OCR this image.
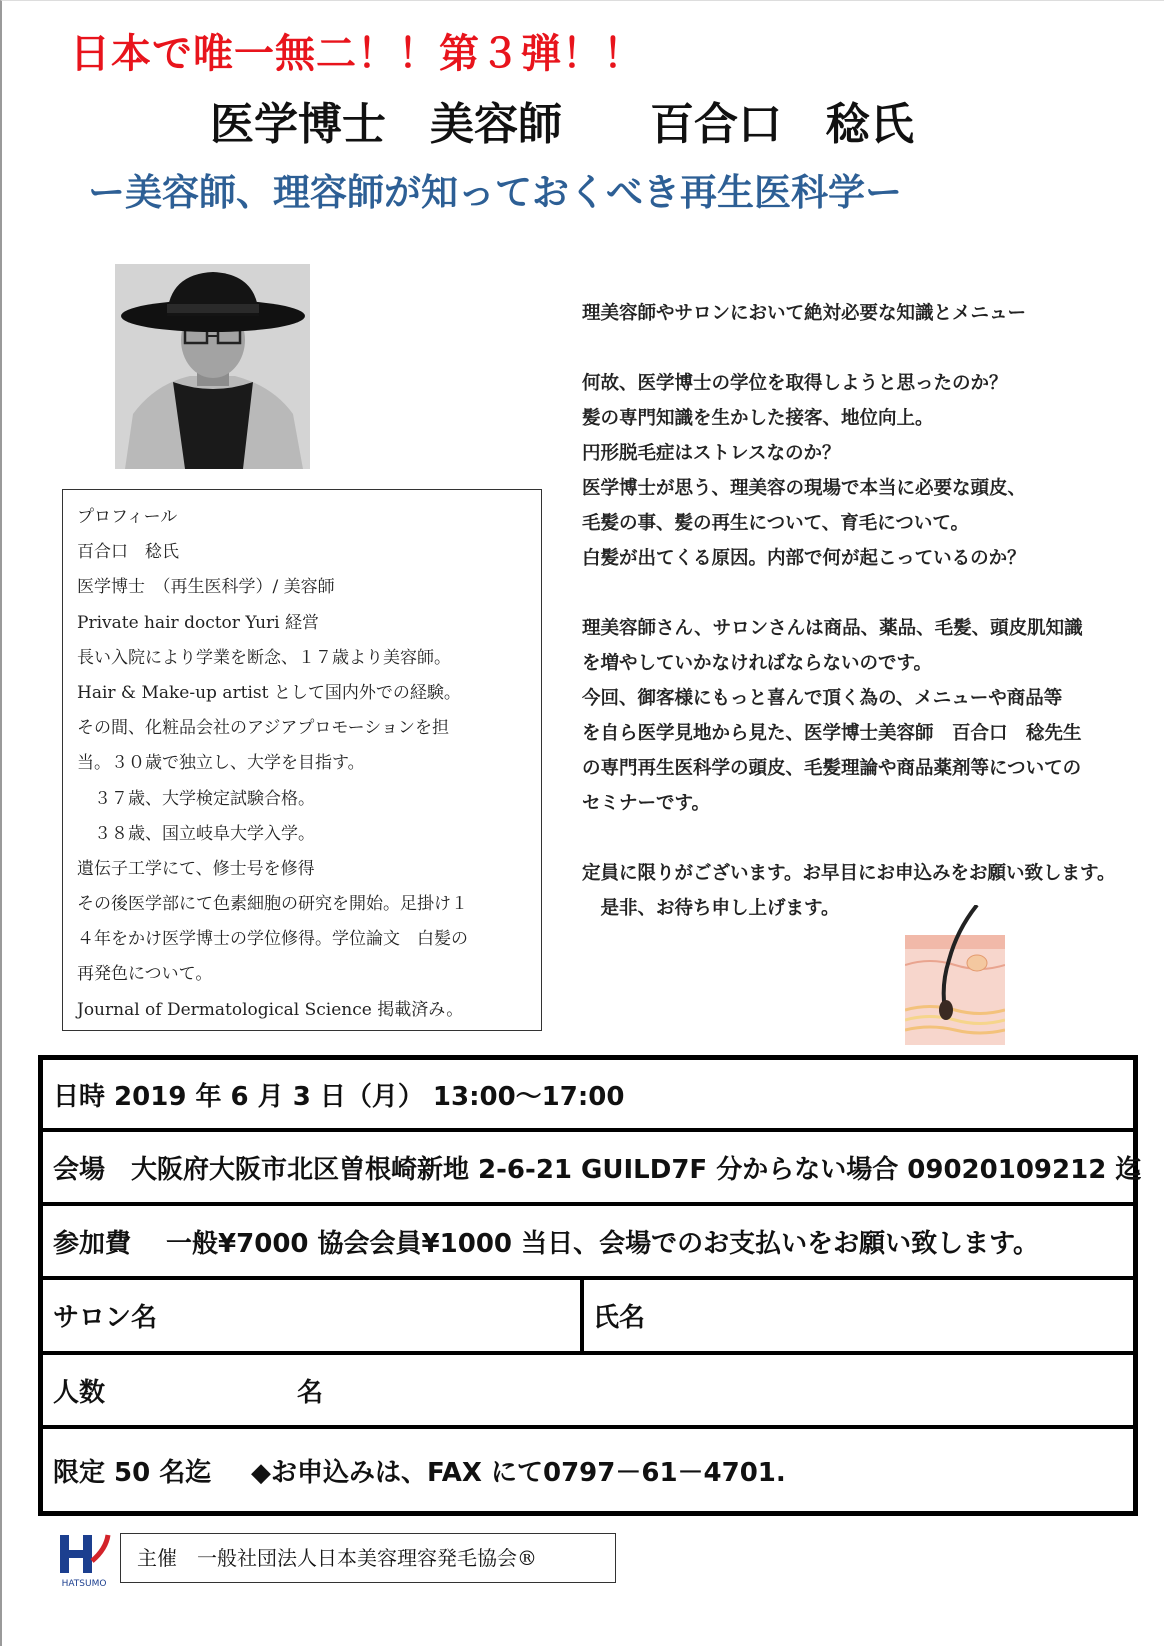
日本で唯一無二！！第３弾！！
医学博士　美容師　　百合口　稔氏
ー美容師、理容師が知っておくべき再生医科学ー
プロフィール
百合口　稔氏
医学博士　（再生医科学）/ 美容師
Private hair doctor Yuri 経営
長い入院により学業を断念、１７歳より美容師。
Hair & Make-up artist として国内外での経験。
その間、化粧品会社のアジアプロモーションを担
当。３０歳で独立し、大学を目指す。
　３７歳、大学検定試験合格。
　３８歳、国立岐阜大学入学。
遺伝子工学にて、修士号を修得
その後医学部にて色素細胞の研究を開始。足掛け１
４年をかけ医学博士の学位修得。学位論文　白髪の
再発色について。
Journal of Dermatological Science 掲載済み。

理美容師やサロンにおいて絶対必要な知識とメニュー

何故、医学博士の学位を取得しようと思ったのか？

髪の専門知識を生かした接客、地位向上。

円形脱毛症はストレスなのか？

医学博士が思う、理美容の現場で本当に必要な頭皮、

毛髪の事、髪の再生について、育毛について。

白髪が出てくる原因。内部で何が起こっているのか？

理美容師さん、サロンさんは商品、薬品、毛髪、頭皮肌知識

を増やしていかなければならないのです。

今回、御客様にもっと喜んで頂く為の、メニューや商品等

を自ら医学見地から見た、医学博士美容師　百合口　稔先生

の専門再生医科学の頭皮、毛髪理論や商品薬剤等についての

セミナーです。

定員に限りがございます。お早目にお申込みをお願い致します。

　是非、お待ち申し上げます。

日時 2019 年 6 月 3 日（月） 13:00〜17:00
会場　大阪府大阪市北区曽根崎新地 2-6-21 GUILD7F 分からない場合 09020109212 迄
参加費　 一般¥7000 協会会員¥1000 当日、会場でのお支払いをお願い致します。
サロン名	氏名
人数	名
限定 50 名迄 ◆お申込みは、FAX にて0797－61－4701.
HATSUMO
主催　一般社団法人日本美容理容発毛協会®
